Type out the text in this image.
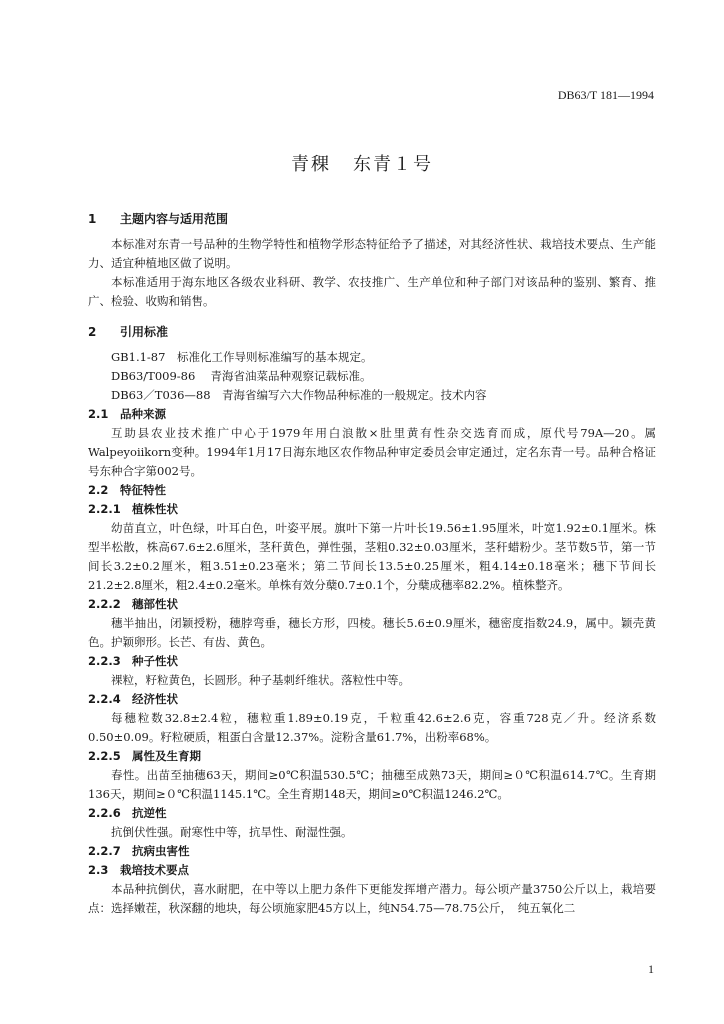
DB63/T 181—1994
青稞 东青１号
1 主题内容与适用范围
本标准对东青一号品种的生物学特性和植物学形态特征给予了描述，对其经济性状、栽培技术要点、生产能力、适宜种植地区做了说明。
本标准适用于海东地区各级农业科研、教学、农技推广、生产单位和种子部门对该品种的鉴别、繁育、推广、检验、收购和销售。
2 引用标准
GB1.1-87　标准化工作导则标准编写的基本规定。
DB63/T009-86　 青海省油菜品种观察记载标准。
DB63／T036—88　青海省编写六大作物品种标准的一般规定。技术内容
2.1 品种来源
互助县农业技术推广中心于1979年用白浪散×肚里黄有性杂交选育而成，原代号79A—20。属Walpeyoiikorn变种。1994年1月17日海东地区农作物品种审定委员会审定通过，定名东青一号。品种合格证号东种合字第002号。
2.2 特征特性
2.2.1 植株性状
幼苗直立，叶色绿，叶耳白色，叶姿平展。旗叶下第一片叶长19.56±1.95厘米，叶宽1.92±0.1厘米。株型半松散，株高67.6±2.6厘米，茎秆黄色，弹性强，茎粗0.32±0.03厘米，茎秆蜡粉少。茎节数5节，第一节间长3.2±0.2厘米，粗3.51±0.23毫米；第二节间长13.5±0.25厘米，粗4.14±0.18毫米；穗下节间长21.2±2.8厘米，粗2.4±0.2毫米。单株有效分蘖0.7±0.1个，分蘖成穗率82.2%。植株整齐。
2.2.2 穗部性状
穗半抽出，闭颖授粉，穗脖弯垂，穗长方形，四棱。穗长5.6±0.9厘米，穗密度指数24.9，属中。颖壳黄色。护颖卵形。长芒、有齿、黄色。
2.2.3 种子性状
裸粒，籽粒黄色，长圆形。种子基刺纤维状。落粒性中等。
2.2.4 经济性状
每穗粒数32.8±2.4粒，穗粒重1.89±0.19克，千粒重42.6±2.6克，容重728克／升。经济系数0.50±0.09。籽粒硬质，粗蛋白含量12.37%。淀粉含量61.7%，出粉率68%。
2.2.5 属性及生育期
春性。出苗至抽穗63天，期间≥0℃积温530.5℃；抽穗至成熟73天，期间≥０℃积温614.7℃。生育期136天，期间≥０℃积温1145.1℃。全生育期148天，期间≥0℃积温1246.2℃。
2.2.6 抗逆性
抗倒伏性强。耐寒性中等，抗旱性、耐湿性强。
2.2.7 抗病虫害性
2.3 栽培技术要点
本品种抗倒伏，喜水耐肥，在中等以上肥力条件下更能发挥增产潜力。每公顷产量3750公斤以上，栽培要点：选择嫩茬，秋深翻的地块，每公顷施家肥45方以上，纯N54.75—78.75公斤，　纯五氧化二
1
